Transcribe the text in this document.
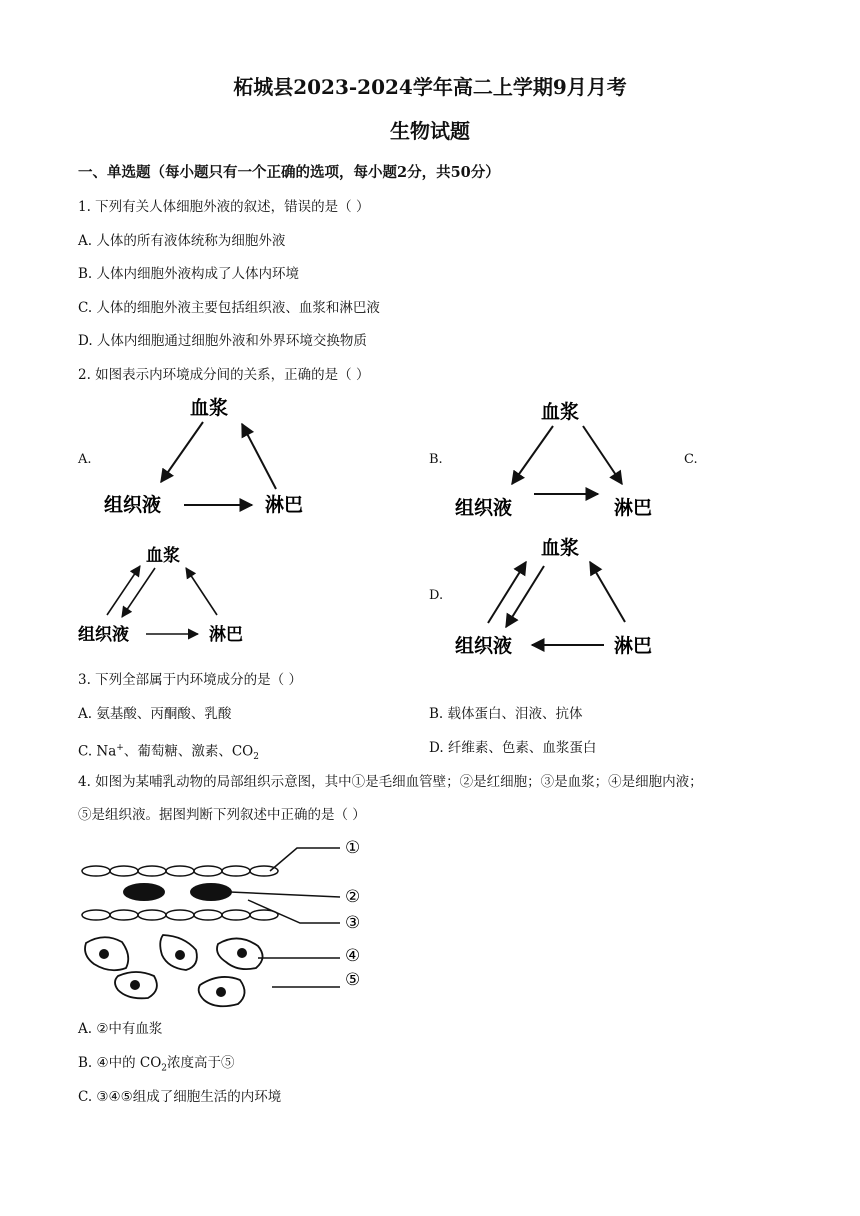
柘城县2023-2024学年高二上学期9月月考
生物试题
一、单选题（每小题只有一个正确的选项，每小题2分，共50分）
1. 下列有关人体细胞外液的叙述，错误的是（ ）
A. 人体的所有液体统称为细胞外液
B. 人体内细胞外液构成了人体内环境
C. 人体的细胞外液主要包括组织液、血浆和淋巴液
D. 人体内细胞通过细胞外液和外界环境交换物质
2. 如图表示内环境成分间的关系，正确的是（ ）
A.	B.	C.
D.
血浆
组织液	淋巴
血浆
组织液	淋巴
血浆
组织液	淋巴
血浆
组织液	淋巴
3. 下列全部属于内环境成分的是（ ）
A. 氨基酸、丙酮酸、乳酸	B. 载体蛋白、泪液、抗体
C. Na+、葡萄糖、激素、$CO_2$
D. 纤维素、色素、血浆蛋白
4. 如图为某哺乳动物的局部组织示意图，其中①是毛细血管壁；②是红细胞；③是血浆；④是细胞内液；
⑤是组织液。据图判断下列叙述中正确的是（ ）
①
②
③
④
⑤
A. ②中有血浆
B. ④中的 $CO_2$浓度高于⑤
C. ③④⑤组成了细胞生活的内环境
